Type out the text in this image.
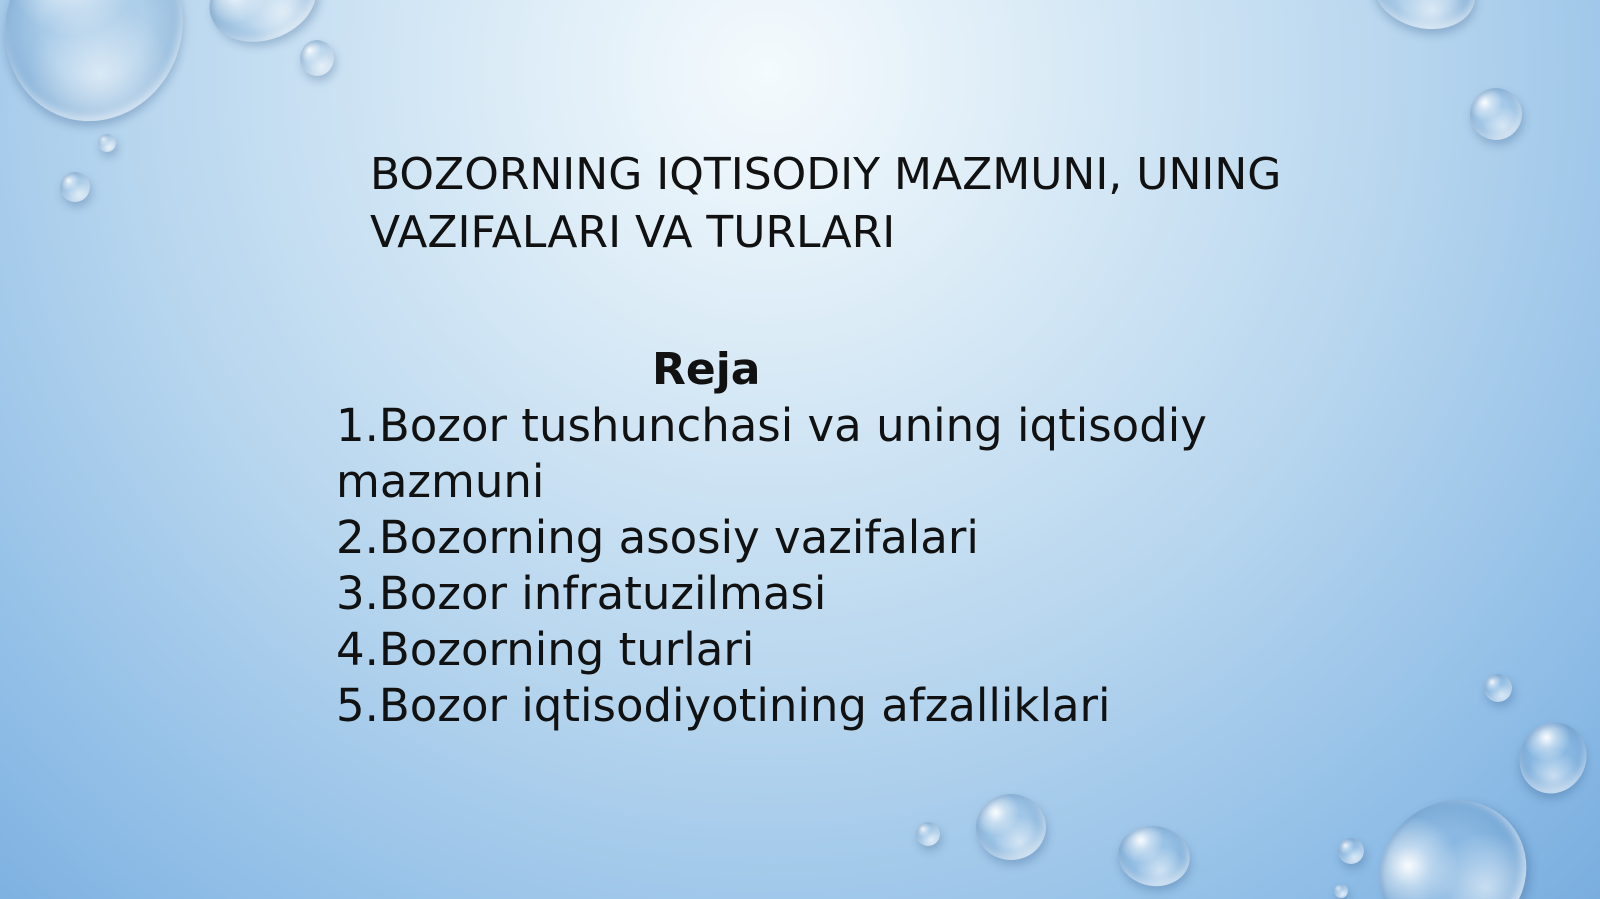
BOZORNING IQTISODIY MAZMUNI, UNING
VAZIFALARI VA TURLARI
Reja
1.Bozor tushunchasi va uning iqtisodiy mazmuni
2.Bozorning asosiy vazifalari
3.Bozor infratuzilmasi
4.Bozorning turlari
5.Bozor iqtisodiyotining afzalliklari
